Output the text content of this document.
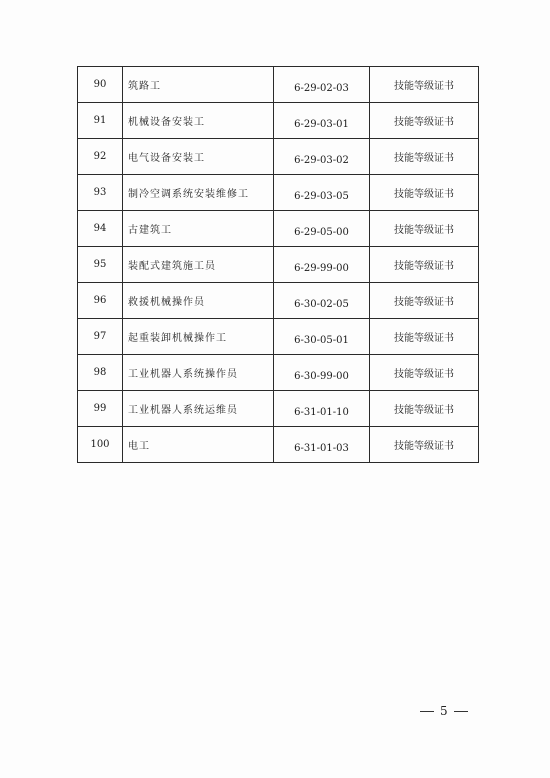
90	筑路工	6-29-02-03	技能等级证书
91	机械设备安装工	6-29-03-01	技能等级证书
92	电气设备安装工	6-29-03-02	技能等级证书
93	制冷空调系统安装维修工	6-29-03-05	技能等级证书
94	古建筑工	6-29-05-00	技能等级证书
95	装配式建筑施工员	6-29-99-00	技能等级证书
96	救援机械操作员	6-30-02-05	技能等级证书
97	起重装卸机械操作工	6-30-05-01	技能等级证书
98	工业机器人系统操作员	6-30-99-00	技能等级证书
99	工业机器人系统运维员	6-31-01-10	技能等级证书
100	电工	6-31-01-03	技能等级证书
5
